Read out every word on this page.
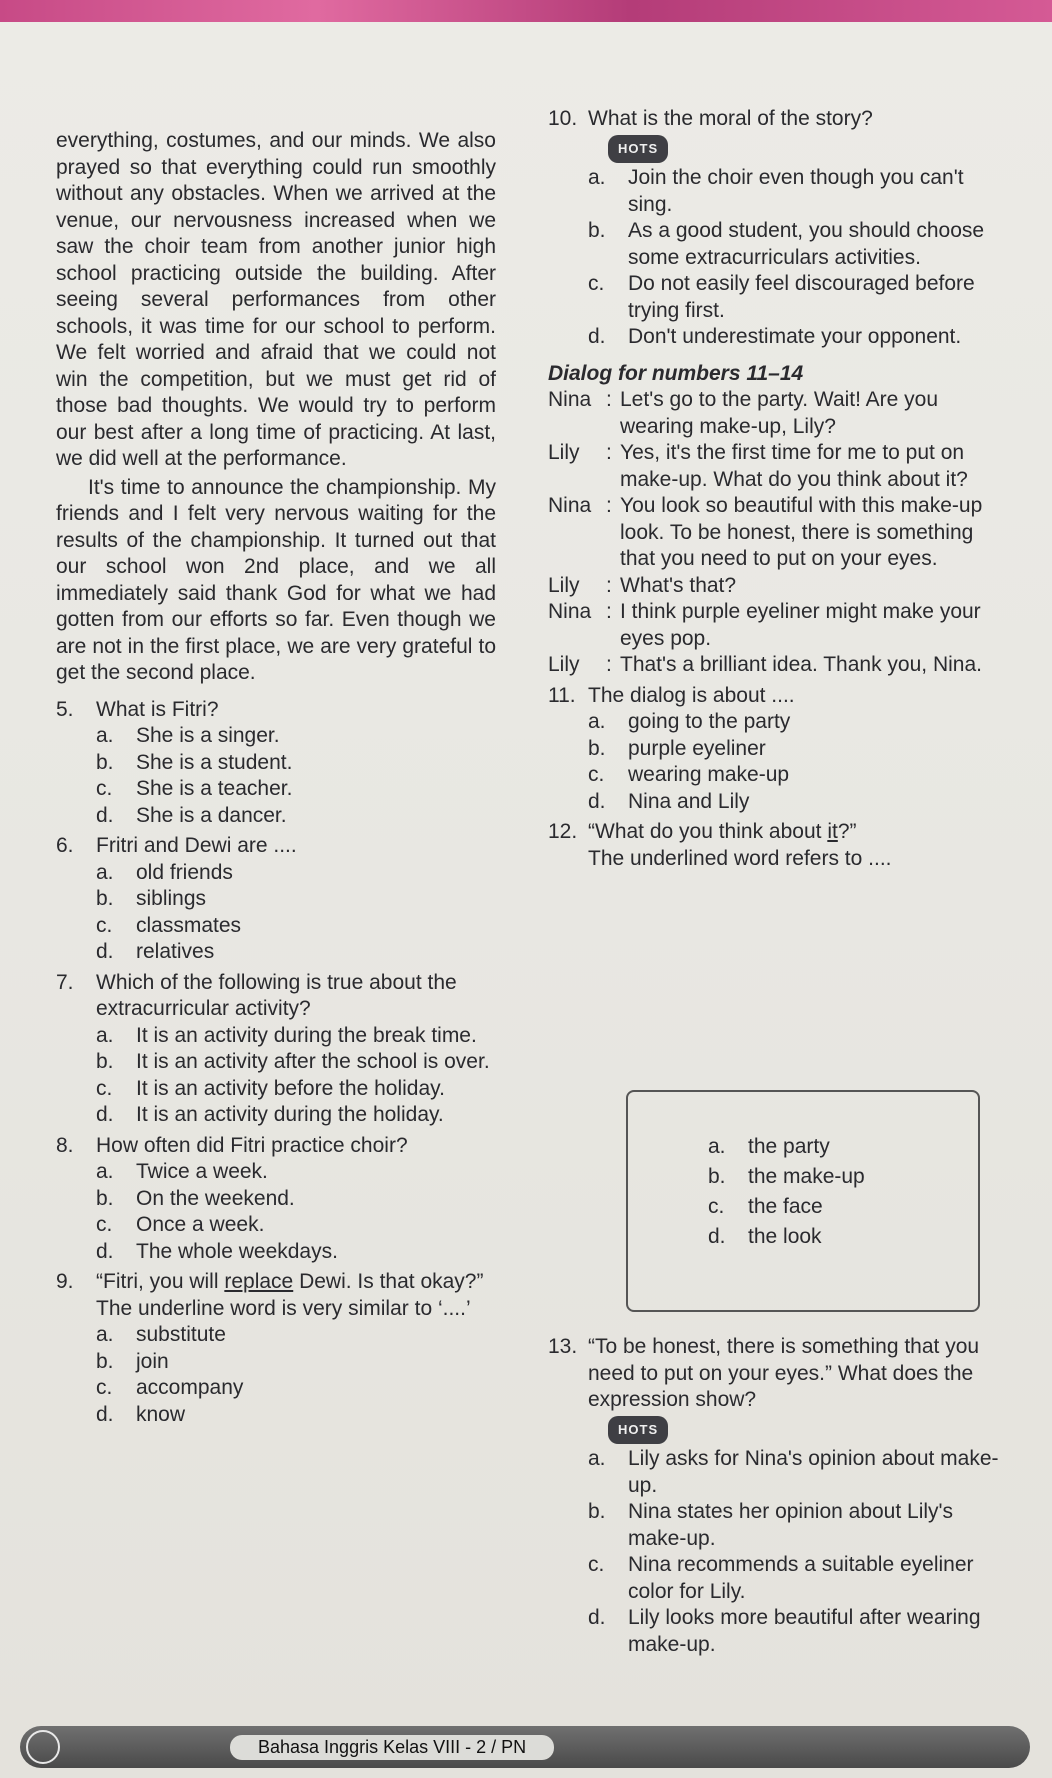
everything, costumes, and our minds. We also prayed so that everything could run smoothly without any obstacles. When we arrived at the venue, our nervousness increased when we saw the choir team from another junior high school practicing outside the building. After seeing several performances from other schools, it was time for our school to perform. We felt worried and afraid that we could not win the competition, but we must get rid of those bad thoughts. We would try to perform our best after a long time of practicing. At last, we did well at the performance.

It's time to announce the championship. My friends and I felt very nervous waiting for the results of the championship. It turned out that our school won 2nd place, and we all immediately said thank God for what we had gotten from our efforts so far. Even though we are not in the first place, we are very grateful to get the second place.

5.	What is Fitri?
a.	She is a singer.
b.	She is a student.
c.	She is a teacher.
d.	She is a dancer.
6.	Fritri and Dewi are ....
a.	old friends
b.	siblings
c.	classmates
d.	relatives
7.	Which of the following is true about the extracurricular activity?
a.	It is an activity during the break time.
b.	It is an activity after the school is over.
c.	It is an activity before the holiday.
d.	It is an activity during the holiday.
8.	How often did Fitri practice choir?
a.	Twice a week.
b.	On the weekend.
c.	Once a week.
d.	The whole weekdays.
9.	“Fitri, you will replace Dewi. Is that okay?”
The underline word is very similar to ‘....’
a.	substitute
b.	join
c.	accompany
d.	know
10. What is the moral of the story?
HOTS
a.	Join the choir even though you can't sing.
b.	As a good student, you should choose some extracurriculars activities.
c.	Do not easily feel discouraged before trying first.
d.	Don't underestimate your opponent.

Dialog for numbers 11–14

Nina : Let's go to the party. Wait! Are you wearing make-up, Lily?
Lily	: Yes, it's the first time for me to put on make-up. What do you think about it?
Nina : You look so beautiful with this make-up look. To be honest, there is something that you need to put on your eyes.
Lily	: What's that?
Nina : I think purple eyeliner might make your eyes pop.
Lily	: That's a brilliant idea. Thank you, Nina.
11. The dialog is about ....
a.	going to the party
b.	purple eyeliner
c.	wearing make-up
d.	Nina and Lily
12. “What do you think about it?”
The underlined word refers to ....
a.	the party
b.	the make-up
c.	the face
d.	the look
13. “To be honest, there is something that you need to put on your eyes.” What does the expression show?
HOTS
a.	Lily asks for Nina's opinion about make-up.
b.	Nina states her opinion about Lily's make-up.
c.	Nina recommends a suitable eyeliner color for Lily.
d.	Lily looks more beautiful after wearing make-up.
Bahasa Inggris Kelas VIII - 2 / PN
